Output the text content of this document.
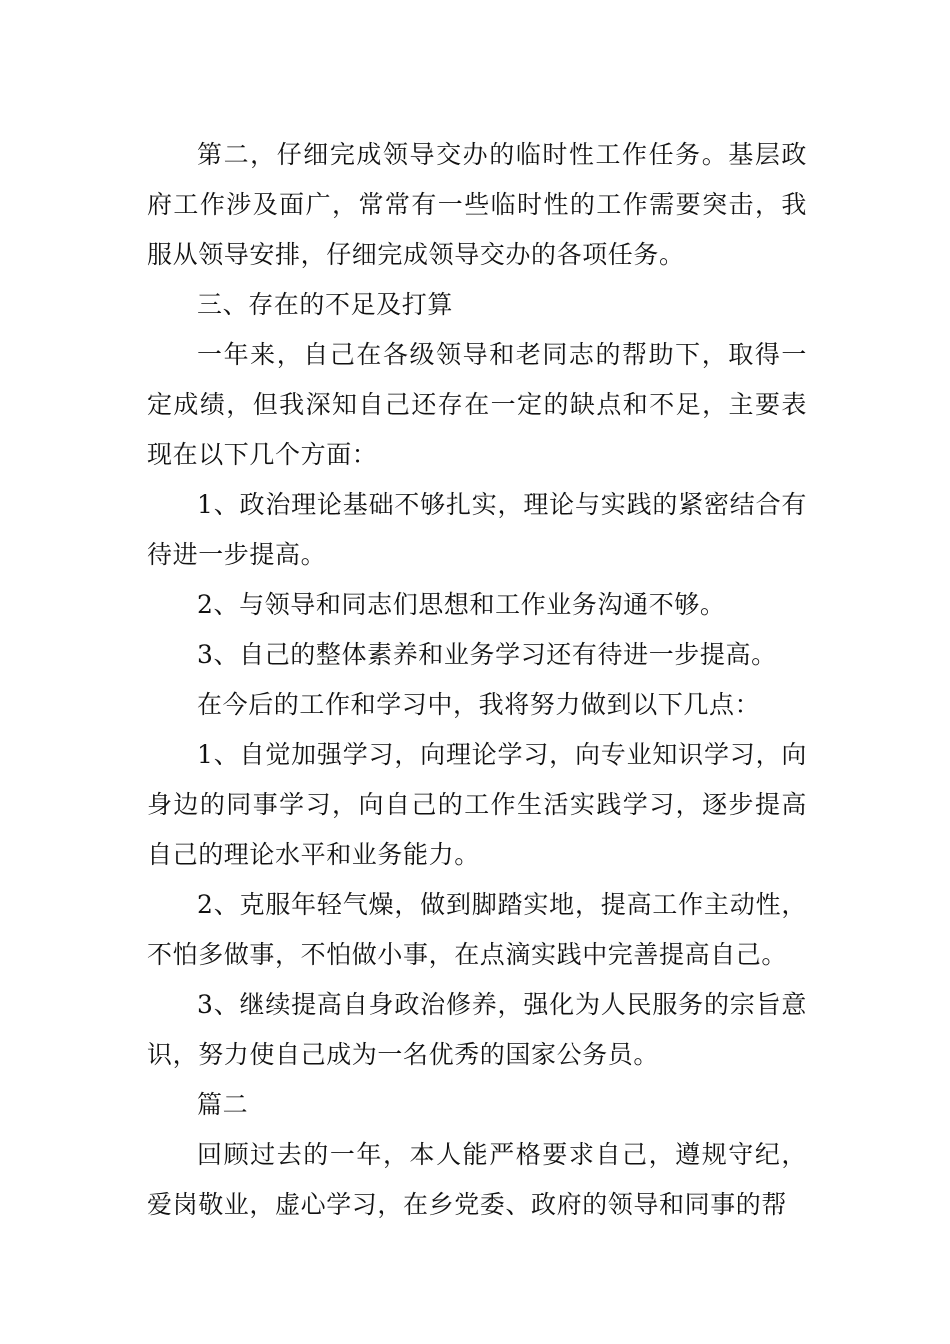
第二，仔细完成领导交办的临时性工作任务。基层政府工作涉及面广，常常有一些临时性的工作需要突击，我服从领导安排，仔细完成领导交办的各项任务。

三、存在的不足及打算

一年来，自己在各级领导和老同志的帮助下，取得一定成绩，但我深知自己还存在一定的缺点和不足，主要表现在以下几个方面：

1、政治理论基础不够扎实，理论与实践的紧密结合有待进一步提高。

2、与领导和同志们思想和工作业务沟通不够。

3、自己的整体素养和业务学习还有待进一步提高。

在今后的工作和学习中，我将努力做到以下几点：

1、自觉加强学习，向理论学习，向专业知识学习，向身边的同事学习，向自己的工作生活实践学习，逐步提高自己的理论水平和业务能力。

2、克服年轻气燥，做到脚踏实地，提高工作主动性，不怕多做事，不怕做小事，在点滴实践中完善提高自己。

3、继续提高自身政治修养，强化为人民服务的宗旨意识，努力使自己成为一名优秀的国家公务员。

篇二

回顾过去的一年，本人能严格要求自己，遵规守纪，爱岗敬业，虚心学习，在乡党委、政府的领导和同事的帮
